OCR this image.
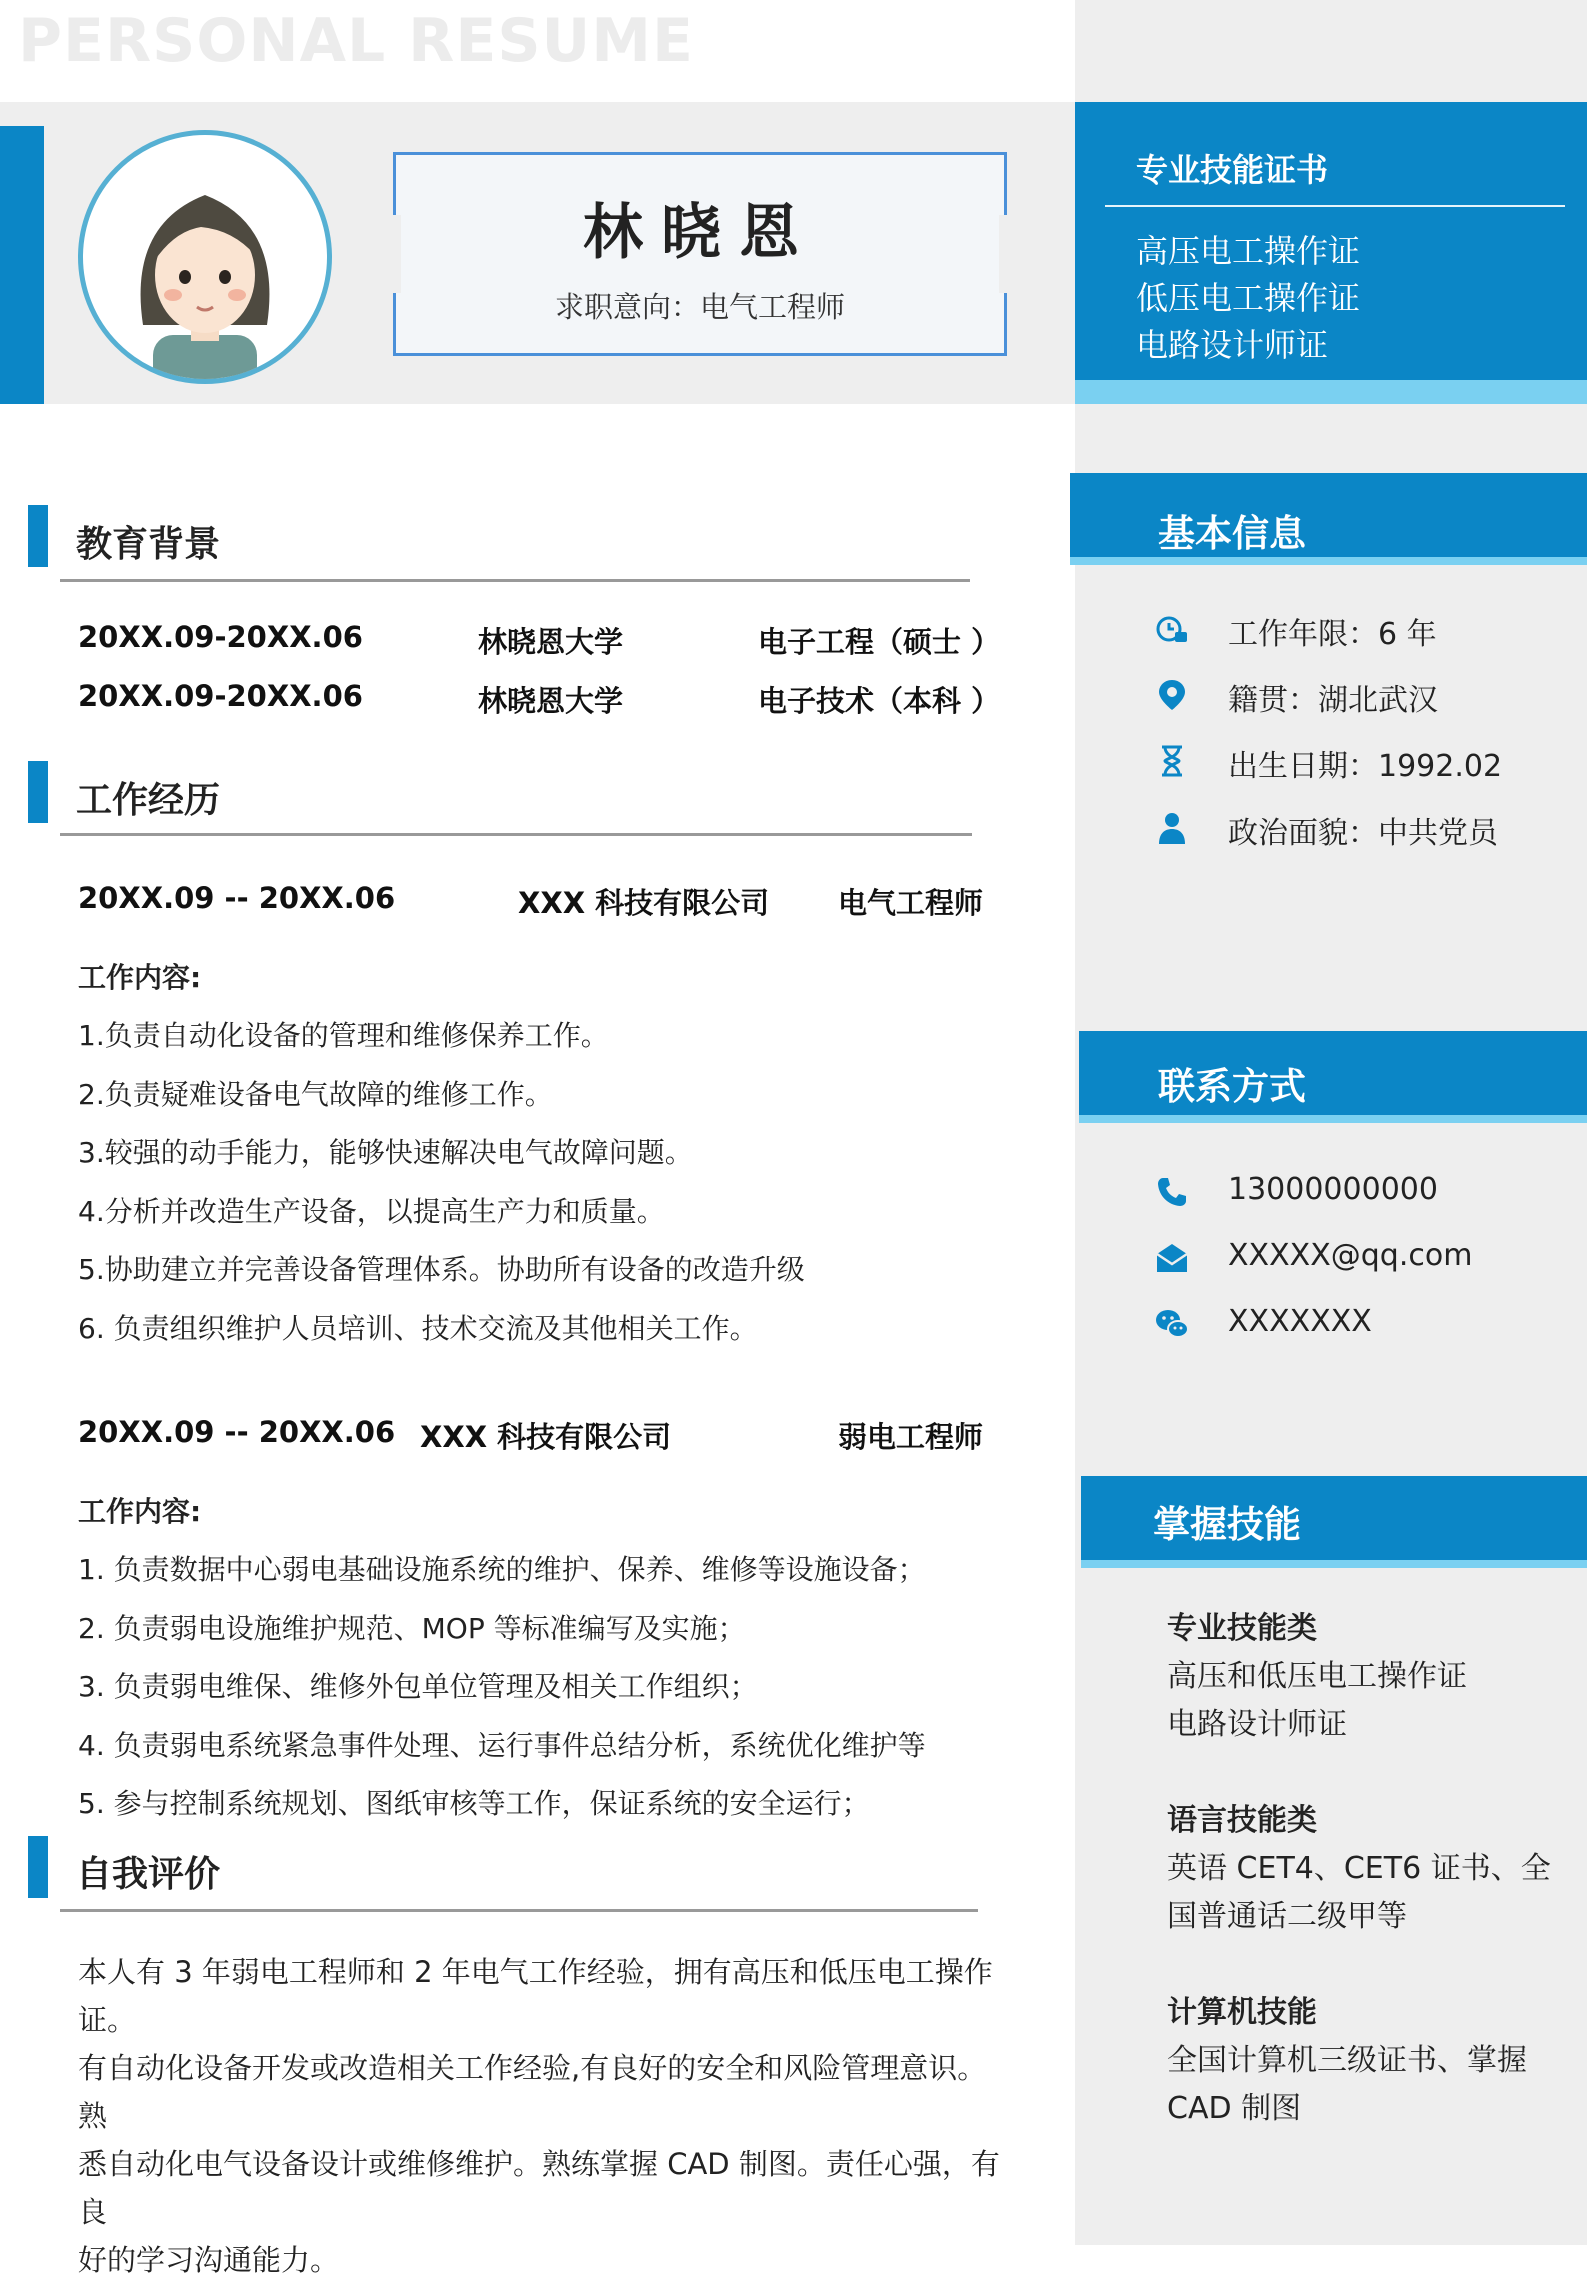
PERSONAL RESUME
林晓恩
求职意向：电气工程师
专业技能证书
高压电工操作证
低压电工操作证
电路设计师证
教育背景
20XX.09-20XX.06	林晓恩大学	电子工程（硕士 ）
20XX.09-20XX.06	林晓恩大学	电子技术（本科 ）
工作经历
20XX.09 -- 20XX.06	XXX 科技有限公司 电气工程师
工作内容:
1.负责自动化设备的管理和维修保养工作。
2.负责疑难设备电气故障的维修工作。
3.较强的动手能力，能够快速解决电气故障问题。
4.分析并改造生产设备，以提高生产力和质量。
5.协助建立并完善设备管理体系。协助所有设备的改造升级
6. 负责组织维护人员培训、技术交流及其他相关工作。
20XX.09 -- 20XX.06 XXX 科技有限公司	弱电工程师
工作内容:
1. 负责数据中心弱电基础设施系统的维护、保养、维修等设施设备；
2. 负责弱电设施维护规范、MOP 等标准编写及实施；
3. 负责弱电维保、维修外包单位管理及相关工作组织；
4. 负责弱电系统紧急事件处理、运行事件总结分析，系统优化维护等
5. 参与控制系统规划、图纸审核等工作，保证系统的安全运行；
自我评价
本人有 3 年弱电工程师和 2 年电气工作经验，拥有高压和低压电工操作证。
有自动化设备开发或改造相关工作经验,有良好的安全和风险管理意识。熟
悉自动化电气设备设计或维修维护。熟练掌握 CAD 制图。责任心强，有良
好的学习沟通能力。
基本信息
工作年限：6 年
籍贯：湖北武汉
出生日期：1992.02
政治面貌：中共党员
联系方式
13000000000
XXXXX@qq.com
XXXXXXX
掌握技能
专业技能类
高压和低压电工操作证
电路设计师证
语言技能类
英语 CET4、CET6 证书、全
国普通话二级甲等
计算机技能
全国计算机三级证书、掌握
CAD 制图
